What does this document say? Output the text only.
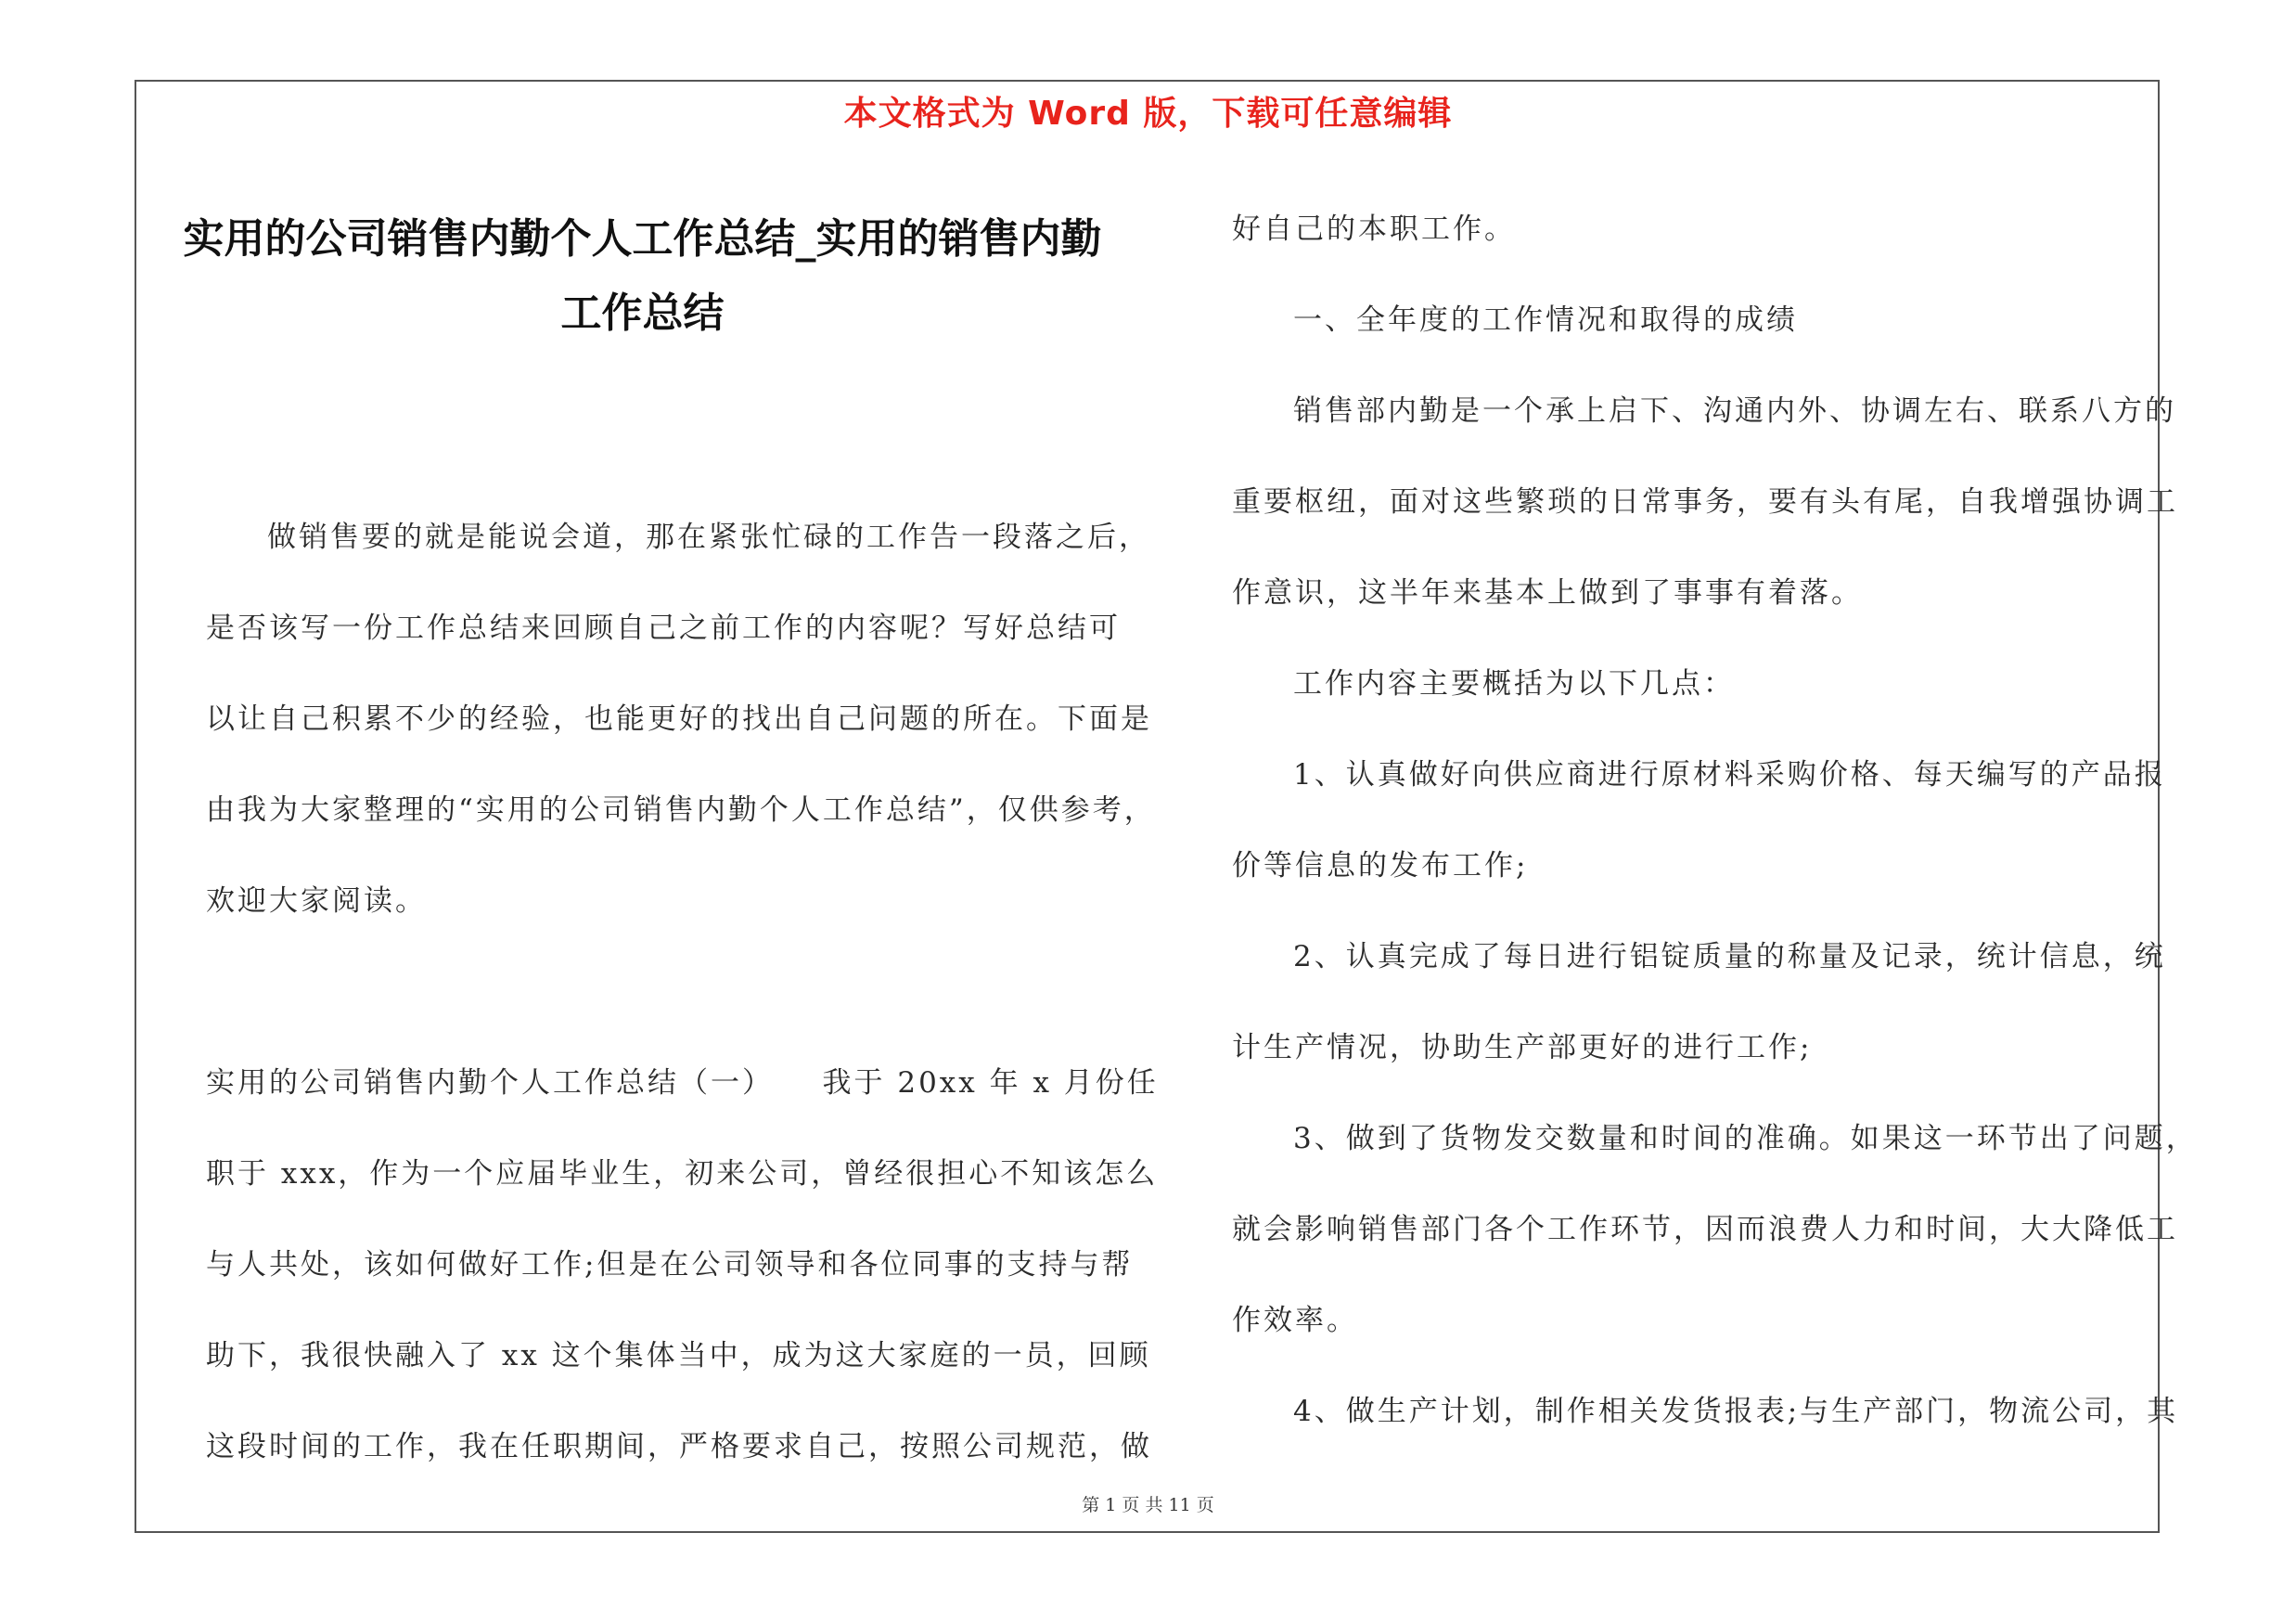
本文格式为 Word 版，下载可任意编辑
实用的公司销售内勤个人工作总结_实用的销售内勤
工作总结
做销售要的就是能说会道，那在紧张忙碌的工作告一段落之后，
是否该写一份工作总结来回顾自己之前工作的内容呢？写好总结可
以让自己积累不少的经验，也能更好的找出自己问题的所在。下面是
由我为大家整理的“实用的公司销售内勤个人工作总结”，仅供参考，
欢迎大家阅读。
实用的公司销售内勤个人工作总结（一）　　我于 20xx 年 x 月份任
职于 xxx，作为一个应届毕业生，初来公司，曾经很担心不知该怎么
与人共处，该如何做好工作;但是在公司领导和各位同事的支持与帮
助下，我很快融入了 xx 这个集体当中，成为这大家庭的一员，回顾
这段时间的工作，我在任职期间，严格要求自己，按照公司规范，做
好自己的本职工作。
一、全年度的工作情况和取得的成绩
销售部内勤是一个承上启下、沟通内外、协调左右、联系八方的
重要枢纽，面对这些繁琐的日常事务，要有头有尾，自我增强协调工
作意识，这半年来基本上做到了事事有着落。
工作内容主要概括为以下几点：
1、认真做好向供应商进行原材料采购价格、每天编写的产品报
价等信息的发布工作;
2、认真完成了每日进行铝锭质量的称量及记录，统计信息，统
计生产情况，协助生产部更好的进行工作;
3、做到了货物发交数量和时间的准确。如果这一环节出了问题，
就会影响销售部门各个工作环节，因而浪费人力和时间，大大降低工
作效率。
4、做生产计划，制作相关发货报表;与生产部门，物流公司，其
第 1 页 共 11 页
